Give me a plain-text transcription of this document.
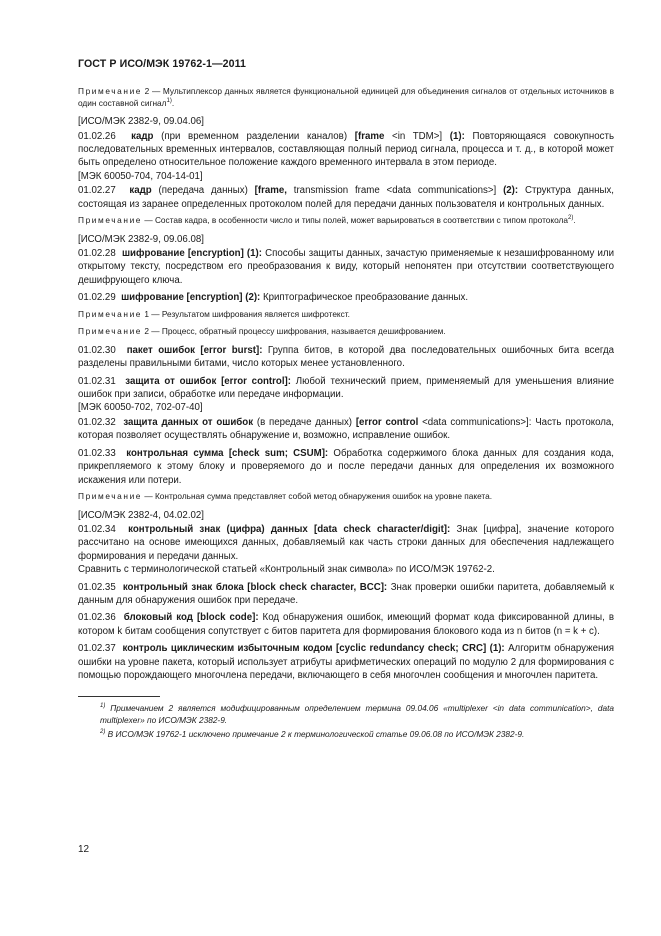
ГОСТ Р ИСО/МЭК 19762-1—2011

Примечание 2 — Мультиплексор данных является функциональной единицей для объединения сигналов от отдельных источников в один составной сигнал$^{1)}$.

[ИСО/МЭК 2382-9, 09.04.06]

01.02.26 кадр (при временном разделении каналов) [frame <in TDM>] (1): Повторяющаяся совокупность последовательных временных интервалов, составляющая полный период сигнала, процесса и т. д., в которой может быть определено относительное положение каждого временного интервала в этом периоде.

[МЭК 60050-704, 704-14-01]

01.02.27 кадр (передача данных) [frame, transmission frame <data communications>] (2): Структура данных, состоящая из заранее определенных протоколом полей для передачи данных пользователя и контрольных данных.

Примечание — Состав кадра, в особенности число и типы полей, может варьироваться в соответствии с типом протокола$^{2)}$.

[ИСО/МЭК 2382-9, 09.06.08]

01.02.28 шифрование [encryption] (1): Способы защиты данных, зачастую применяемые к незашифрованному или открытому тексту, посредством его преобразования к виду, который непонятен при отсутствии соответствующего дешифрующего ключа.

01.02.29 шифрование [encryption] (2): Криптографическое преобразование данных.

Примечание 1 — Результатом шифрования является шифротекст.

Примечание 2 — Процесс, обратный процессу шифрования, называется дешифрованием.

01.02.30 пакет ошибок [error burst]: Группа битов, в которой два последовательных ошибочных бита всегда разделены правильными битами, число которых менее установленного.

01.02.31 защита от ошибок [error control]: Любой технический прием, применяемый для уменьшения влияние ошибок при записи, обработке или передаче информации.

[МЭК 60050-702, 702-07-40]

01.02.32 защита данных от ошибок (в передаче данных) [error control <data communications>]: Часть протокола, которая позволяет осуществлять обнаружение и, возможно, исправление ошибок.

01.02.33 контрольная сумма [check sum; CSUM]: Обработка содержимого блока данных для создания кода, прикрепляемого к этому блоку и проверяемого до и после передачи данных для определения их возможного искажения или потери.

Примечание — Контрольная сумма представляет собой метод обнаружения ошибок на уровне пакета.

[ИСО/МЭК 2382-4, 04.02.02]

01.02.34 контрольный знак (цифра) данных [data check character/digit]: Знак [цифра], значение которого рассчитано на основе имеющихся данных, добавляемый как часть строки данных для обеспечения надлежащего формирования и передачи данных.

Сравнить с терминологической статьей «Контрольный знак символа» по ИСО/МЭК 19762-2.

01.02.35 контрольный знак блока [block check character, BCC]: Знак проверки ошибки паритета, добавляемый к данным для обнаружения ошибок при передаче.

01.02.36 блоковый код [block code]: Код обнаружения ошибок, имеющий формат кода фиксированной длины, в котором k битам сообщения сопутствует c битов паритета для формирования блокового кода из n битов (n = k + c).

01.02.37 контроль циклическим избыточным кодом [cyclic redundancy check; CRC] (1): Алгоритм обнаружения ошибки на уровне пакета, который использует атрибуты арифметических операций по модулю 2 для формирования с помощью порождающего многочлена передачи, включающего в себя многочлен сообщения и многочлен паритета.

$^{1)}$ Примечанием 2 является модифицированным определением термина 09.04.06 «multiplexer <in data communication>, data multiplexer» по ИСО/МЭК 2382-9.

$^{2)}$ В ИСО/МЭК 19762-1 исключено примечание 2 к терминологической статье 09.06.08 по ИСО/МЭК 2382-9.

12
